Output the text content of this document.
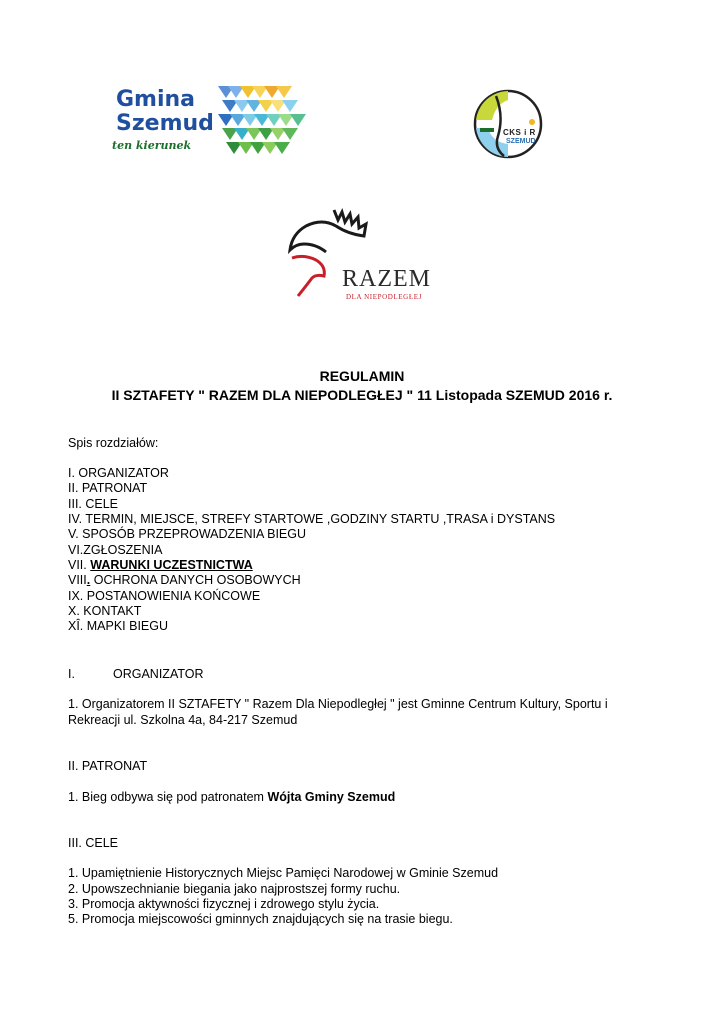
Gmina
Szemud
ten kierunek
CKS i R
SZEMUD
RAZEM
DLA NIEPODLEGŁEJ
REGULAMIN
II SZTAFETY " RAZEM DLA NIEPODLEGŁEJ " 11 Listopada SZEMUD 2016 r.
Spis rozdziałów:
I. ORGANIZATOR
II. PATRONAT
III. CELE
IV. TERMIN, MIEJSCE, STREFY STARTOWE ,GODZINY STARTU ,TRASA i DYSTANS
V. SPOSÓB PRZEPROWADZENIA BIEGU
VI.ZGŁOSZENIA
VII. WARUNKI UCZESTNICTWA
VIII. OCHRONA DANYCH OSOBOWYCH
IX. POSTANOWIENIA KOŃCOWE
X. KONTAKT
XÎ. MAPKI BIEGU
I.	ORGANIZATOR
1. Organizatorem II SZTAFETY " Razem Dla Niepodległej " jest Gminne Centrum Kultury, Sportu i
Rekreacji ul. Szkolna 4a, 84-217 Szemud
II. PATRONAT
1. Bieg odbywa się pod patronatem Wójta Gminy Szemud
III. CELE
1. Upamiętnienie Historycznych Miejsc Pamięci Narodowej w Gminie Szemud
2. Upowszechnianie biegania jako najprostszej formy ruchu.
3. Promocja aktywności fizycznej i zdrowego stylu życia.
5. Promocja miejscowości gminnych znajdujących się na trasie biegu.
